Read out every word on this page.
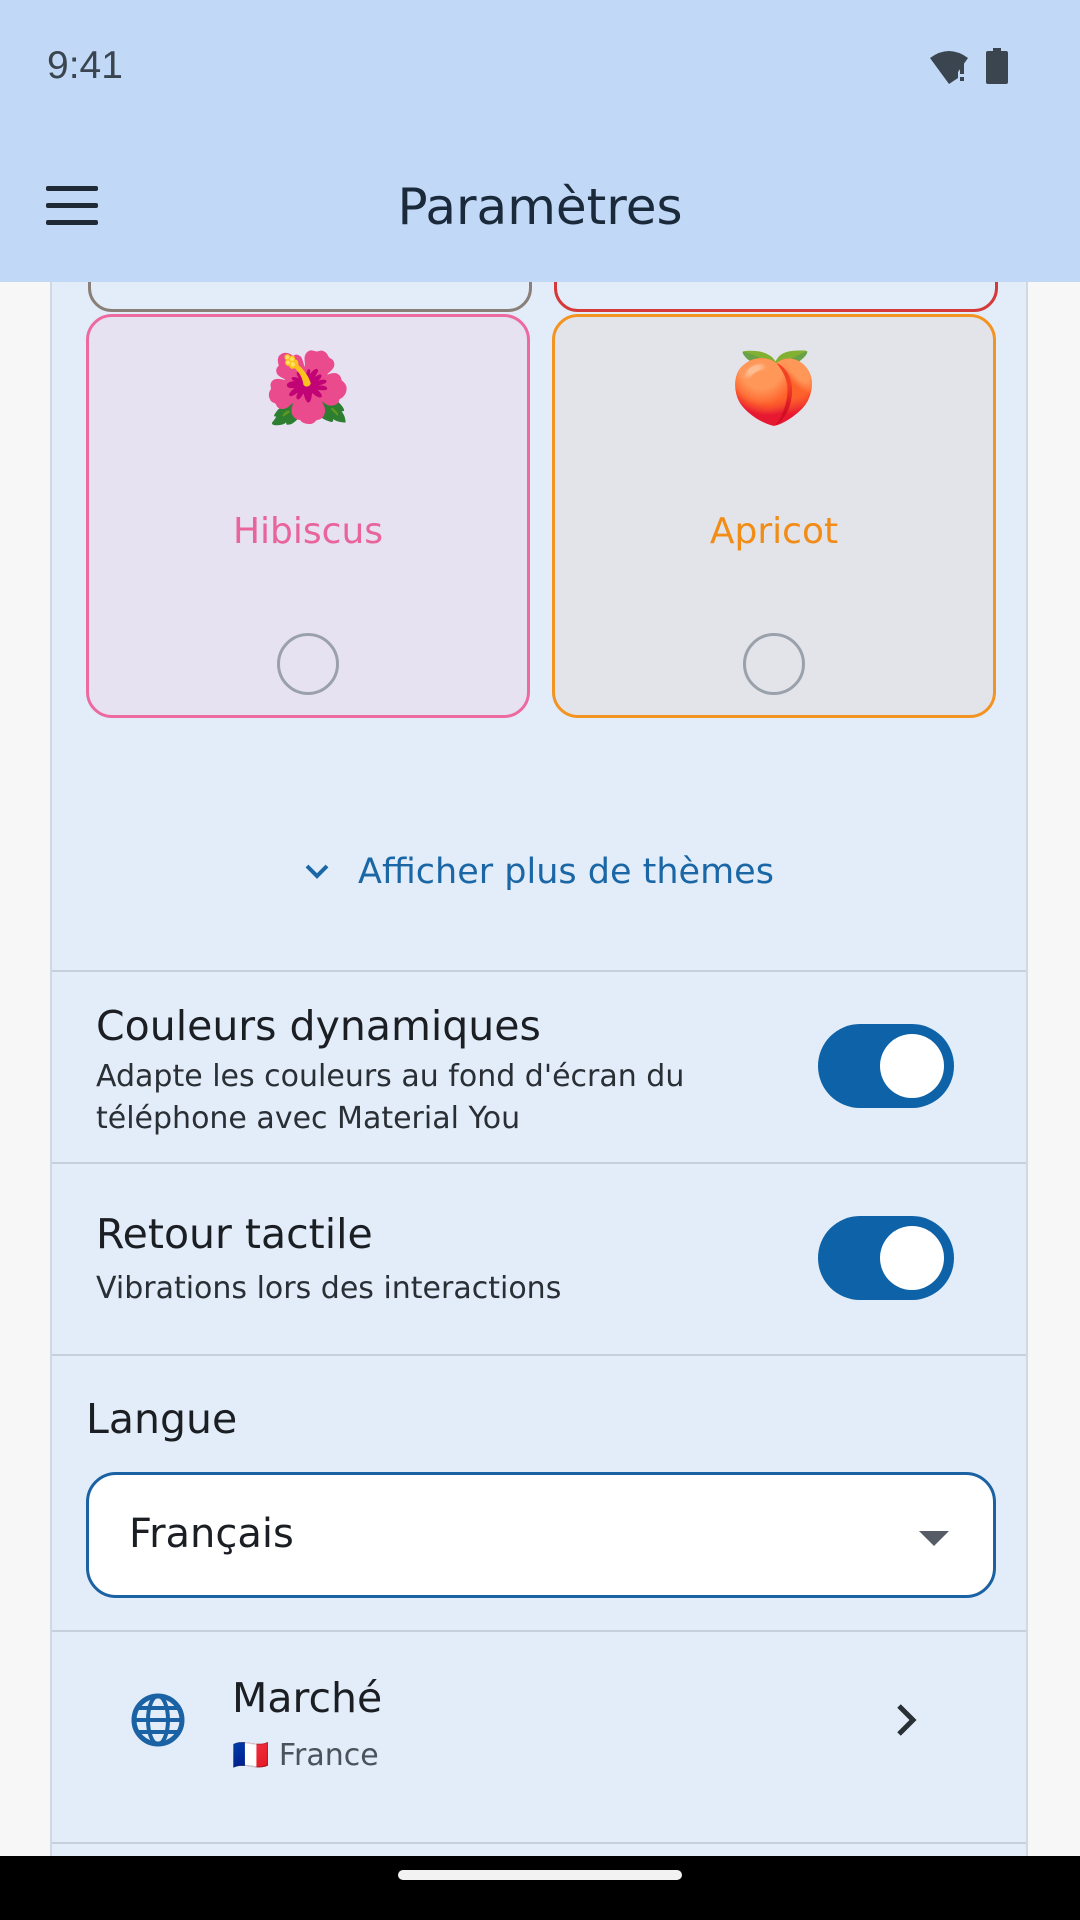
9:41
Paramètres
🌺
Hibiscus
🍑
Apricot
Afficher plus de thèmes
Couleurs dynamiques
Adapte les couleurs au fond d'écran du téléphone avec Material You
Retour tactile
Vibrations lors des interactions
Langue
Français
Marché
🇫🇷 France
